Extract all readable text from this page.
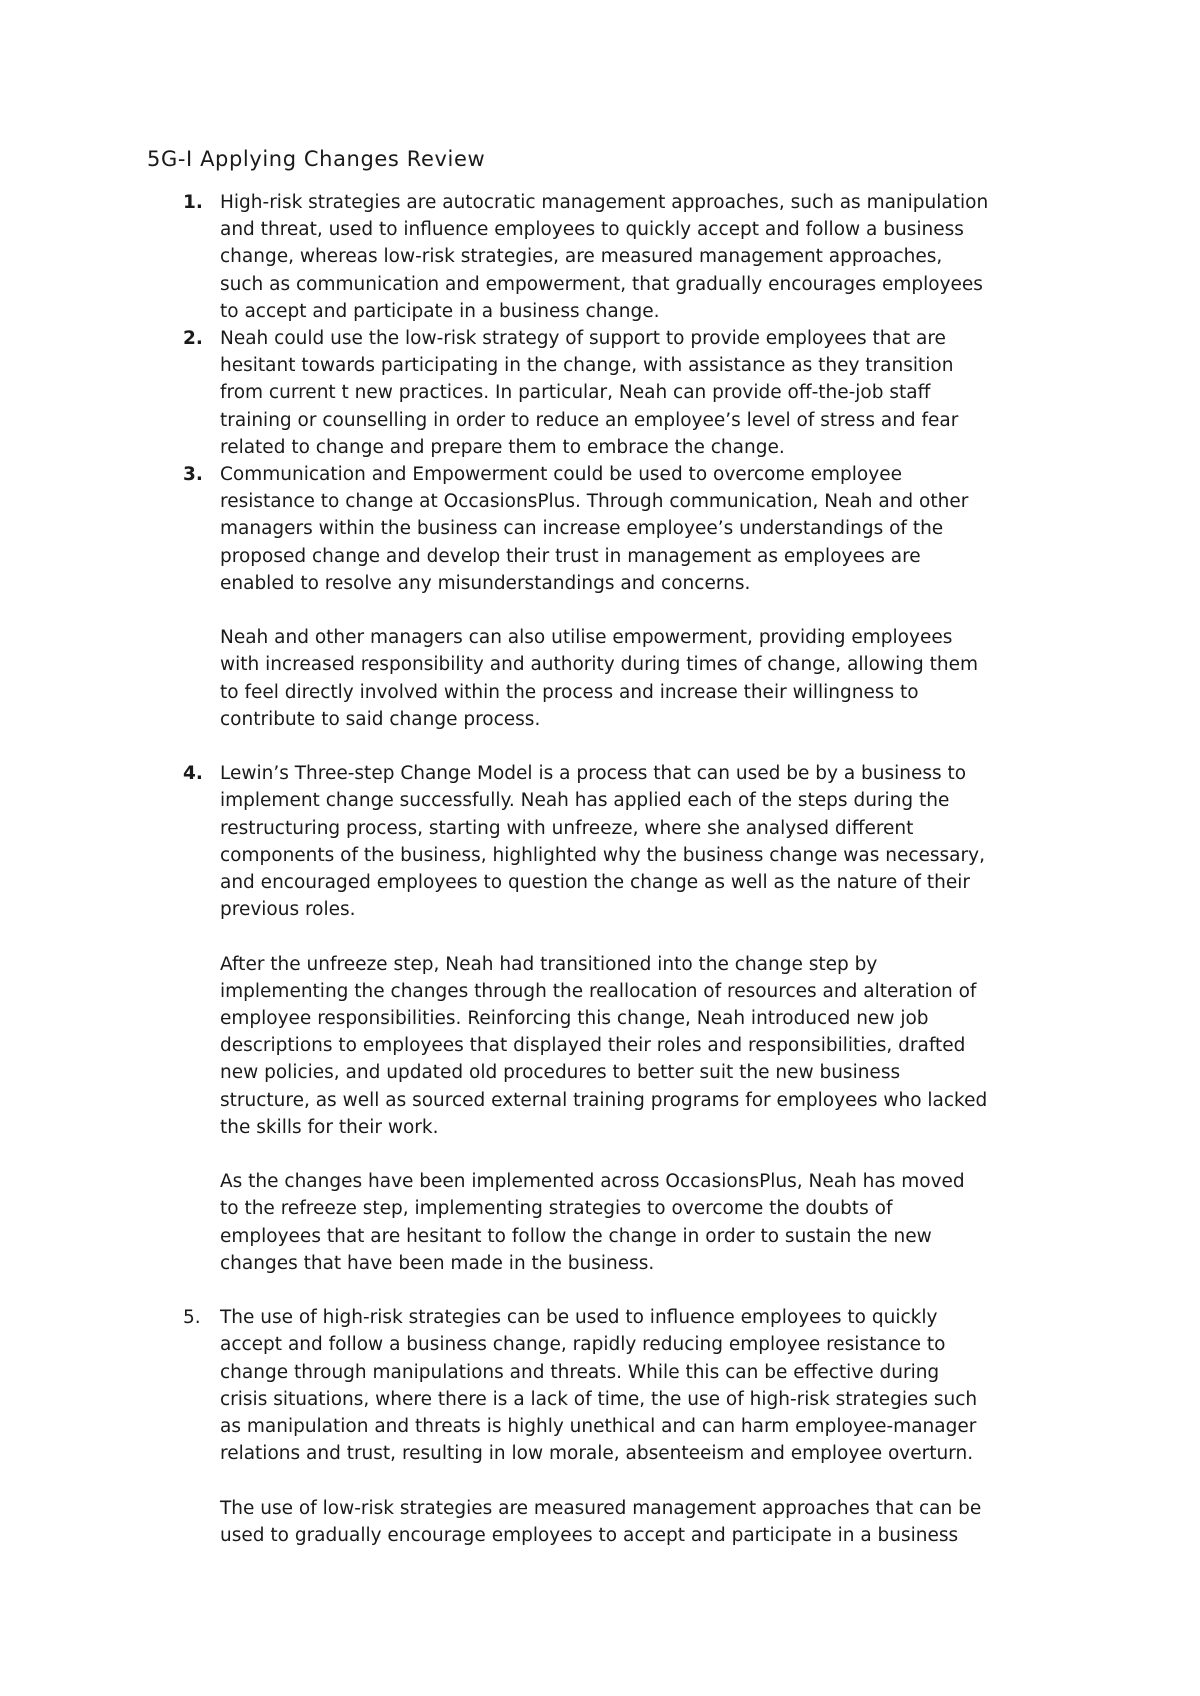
5G-I Applying Changes Review
1. High-risk strategies are autocratic management approaches, such as manipulation
and threat, used to influence employees to quickly accept and follow a business
change, whereas low-risk strategies, are measured management approaches,
such as communication and empowerment, that gradually encourages employees
to accept and participate in a business change.

2. Neah could use the low-risk strategy of support to provide employees that are
hesitant towards participating in the change, with assistance as they transition
from current t new practices. In particular, Neah can provide off-the-job staff
training or counselling in order to reduce an employee’s level of stress and fear
related to change and prepare them to embrace the change.

3. Communication and Empowerment could be used to overcome employee
resistance to change at OccasionsPlus. Through communication, Neah and other
managers within the business can increase employee’s understandings of the
proposed change and develop their trust in management as employees are
enabled to resolve any misunderstandings and concerns.

Neah and other managers can also utilise empowerment, providing employees
with increased responsibility and authority during times of change, allowing them
to feel directly involved within the process and increase their willingness to
contribute to said change process.

4. Lewin’s Three-step Change Model is a process that can used be by a business to
implement change successfully. Neah has applied each of the steps during the
restructuring process, starting with unfreeze, where she analysed different
components of the business, highlighted why the business change was necessary,
and encouraged employees to question the change as well as the nature of their
previous roles.

After the unfreeze step, Neah had transitioned into the change step by
implementing the changes through the reallocation of resources and alteration of
employee responsibilities. Reinforcing this change, Neah introduced new job
descriptions to employees that displayed their roles and responsibilities, drafted
new policies, and updated old procedures to better suit the new business
structure, as well as sourced external training programs for employees who lacked
the skills for their work.

As the changes have been implemented across OccasionsPlus, Neah has moved
to the refreeze step, implementing strategies to overcome the doubts of
employees that are hesitant to follow the change in order to sustain the new
changes that have been made in the business.

5. The use of high-risk strategies can be used to influence employees to quickly
accept and follow a business change, rapidly reducing employee resistance to
change through manipulations and threats. While this can be effective during
crisis situations, where there is a lack of time, the use of high-risk strategies such
as manipulation and threats is highly unethical and can harm employee-manager
relations and trust, resulting in low morale, absenteeism and employee overturn.

The use of low-risk strategies are measured management approaches that can be
used to gradually encourage employees to accept and participate in a business
